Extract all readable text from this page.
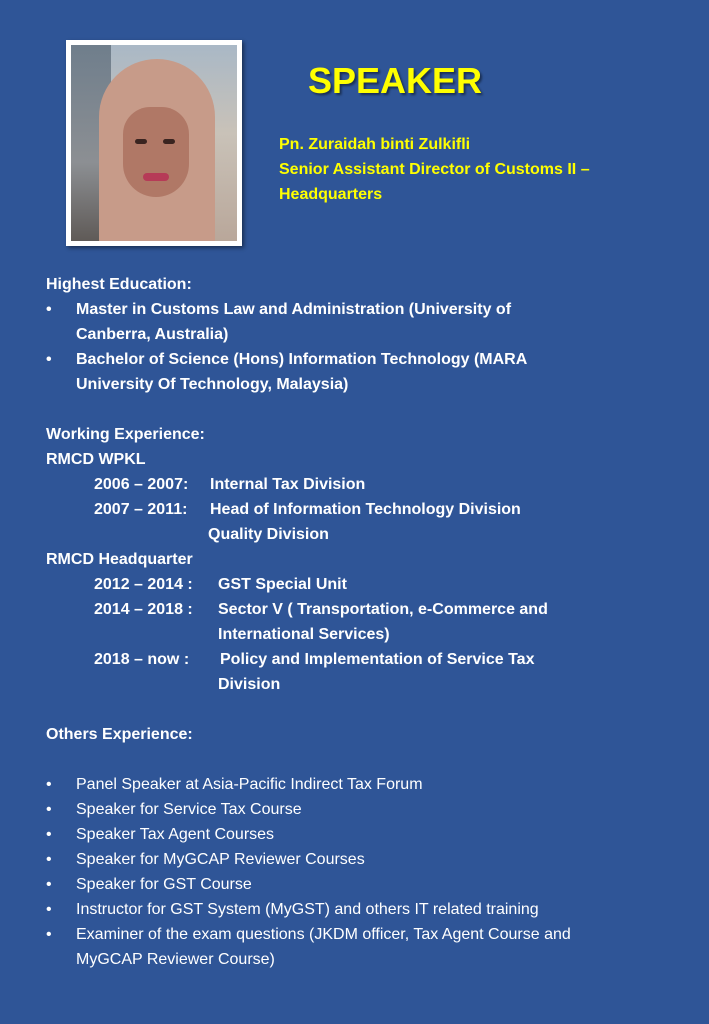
SPEAKER
Pn. Zuraidah binti Zulkifli
Senior Assistant Director of Customs II –
Headquarters
Highest Education:
• Master in Customs Law and Administration (University of
Canberra, Australia)
• Bachelor of Science (Hons) Information Technology (MARA
University Of Technology, Malaysia)
Working Experience:
RMCD WPKL
2006 – 2007:	Internal Tax Division
2007 – 2011:	Head of Information Technology Division
Quality Division
RMCD Headquarter
2012 – 2014 :	GST Special Unit
2014 – 2018 :	Sector V ( Transportation, e-Commerce and
International Services)
2018 – now :	Policy and Implementation of Service Tax
Division
Others Experience:
• Panel Speaker at Asia-Pacific Indirect Tax Forum
• Speaker for Service Tax Course
• Speaker Tax Agent Courses
• Speaker for MyGCAP Reviewer Courses
• Speaker for GST Course
• Instructor for GST System (MyGST) and others IT related training
• Examiner of the exam questions (JKDM officer, Tax Agent Course and
MyGCAP Reviewer Course)
